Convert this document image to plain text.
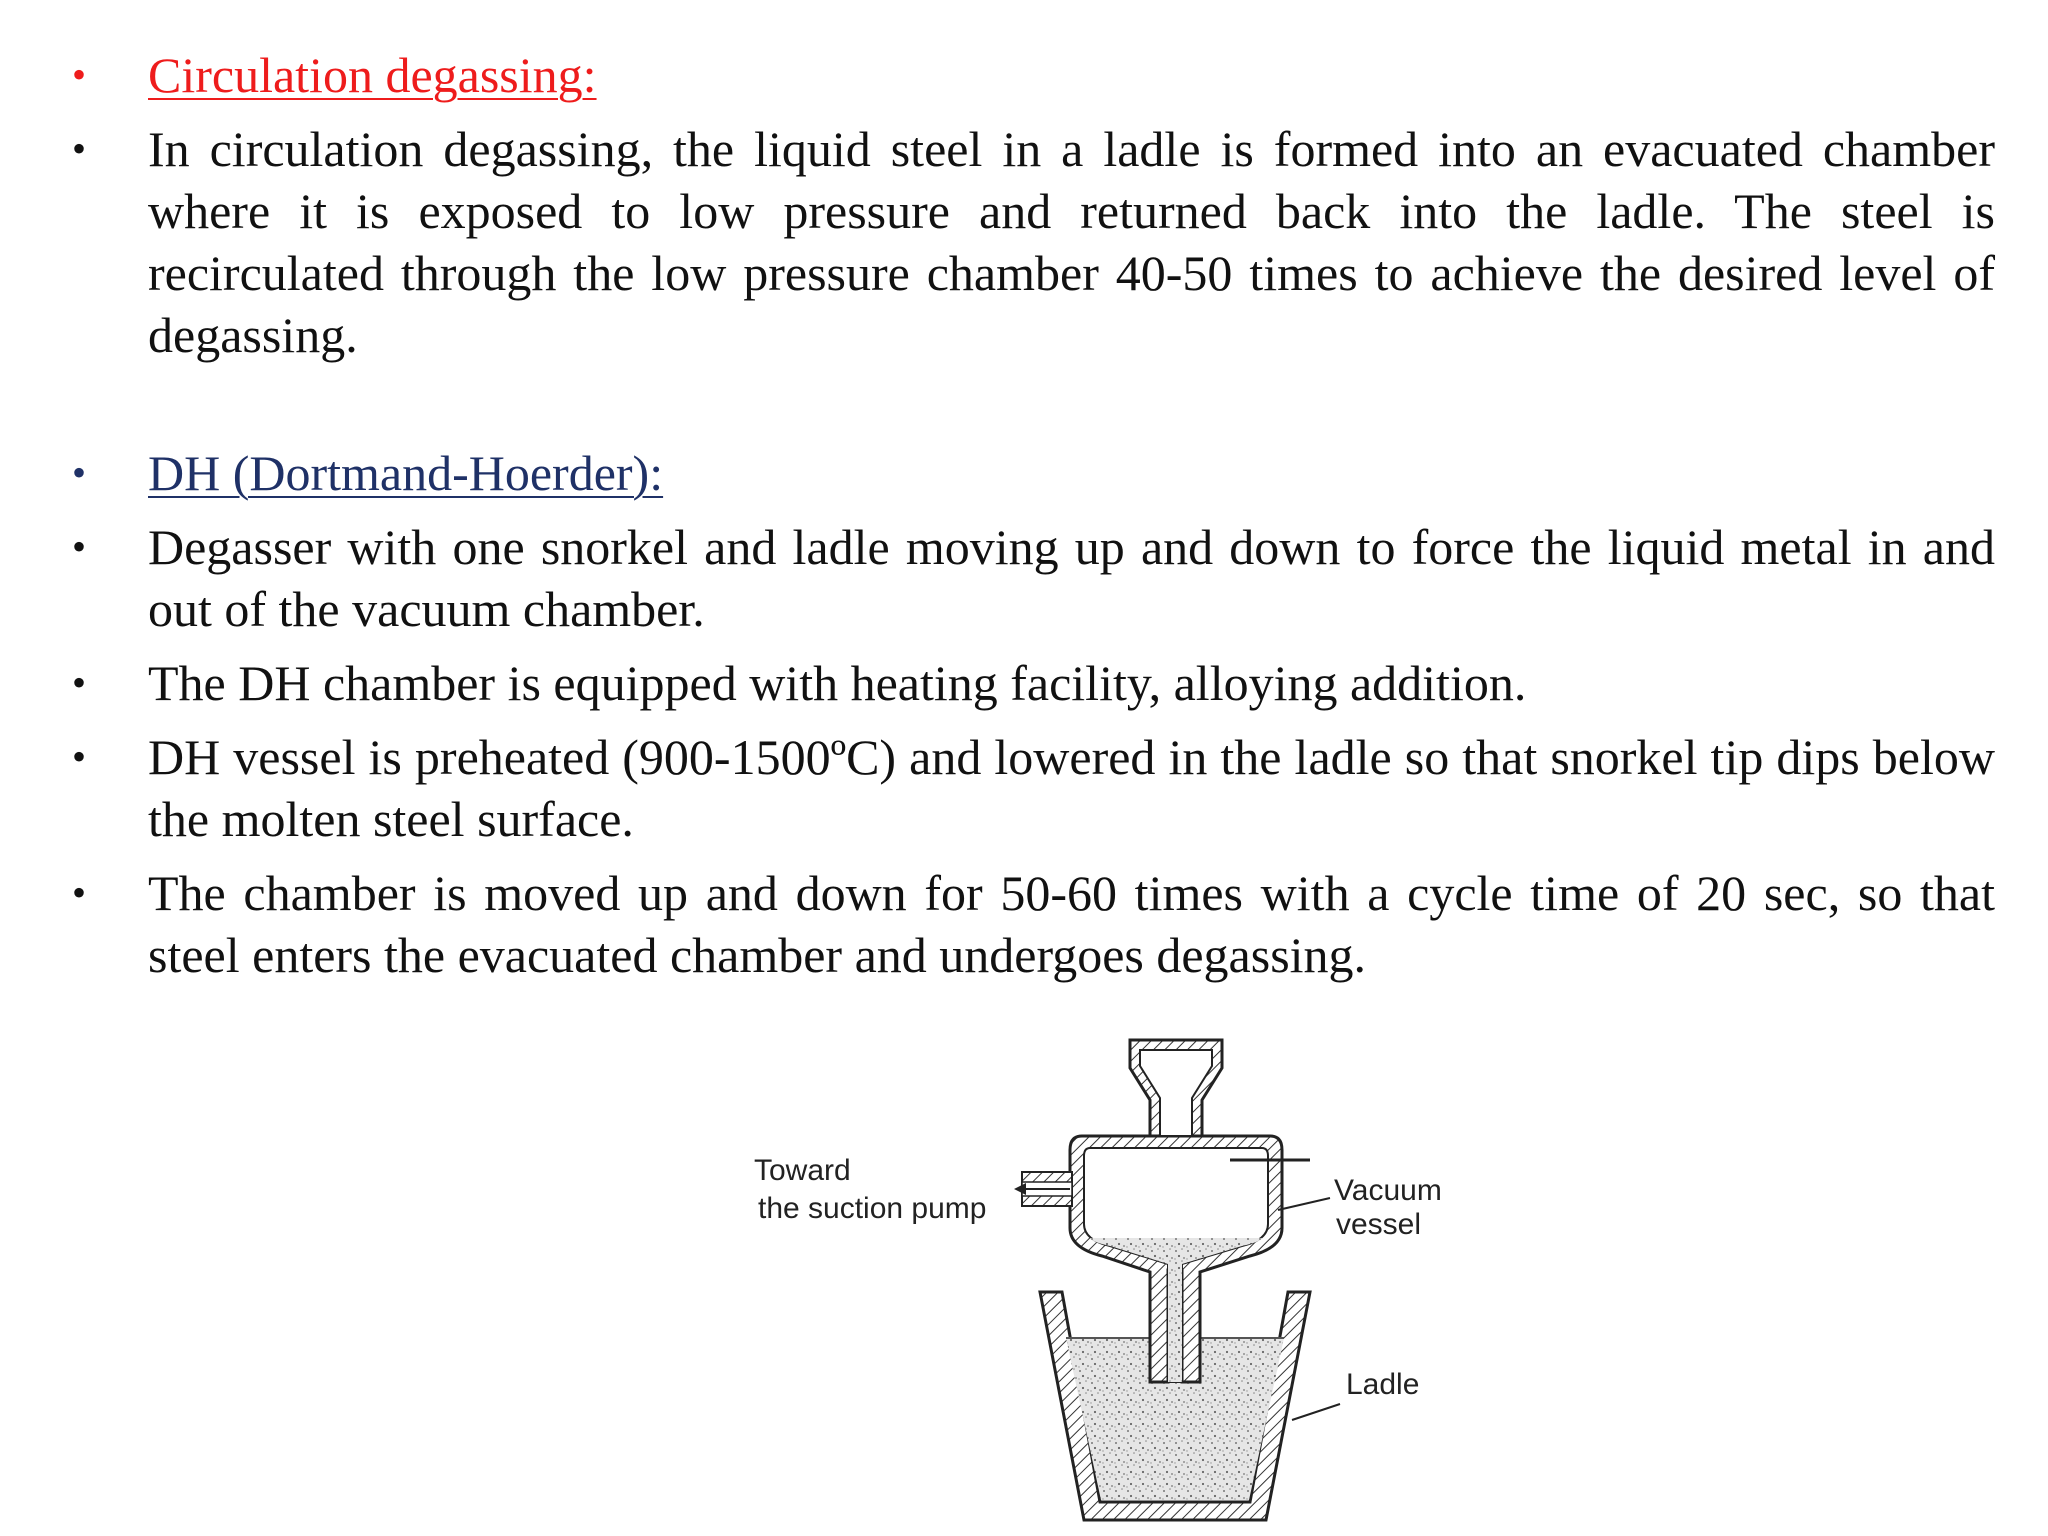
• Circulation degassing:
• In circulation degassing, the liquid steel in a ladle is formed into an evacuated chamber where it is exposed to low pressure and returned back into the ladle. The steel is recirculated through the low pressure chamber 40-50 times to achieve the desired level of degassing.
• DH (Dortmand-Hoerder):
• Degasser with one snorkel and ladle moving up and down to force the liquid metal in and out of the vacuum chamber.
• The DH chamber is equipped with heating facility, alloying addition.
• DH vessel is preheated (900-1500ºC) and lowered in the ladle so that snorkel tip dips below the molten steel surface.
• The chamber is moved up and down for 50-60 times with a cycle time of 20 sec, so that steel enters the evacuated chamber and undergoes degassing.
Toward
the suction pump
Vacuum
vessel
Ladle
